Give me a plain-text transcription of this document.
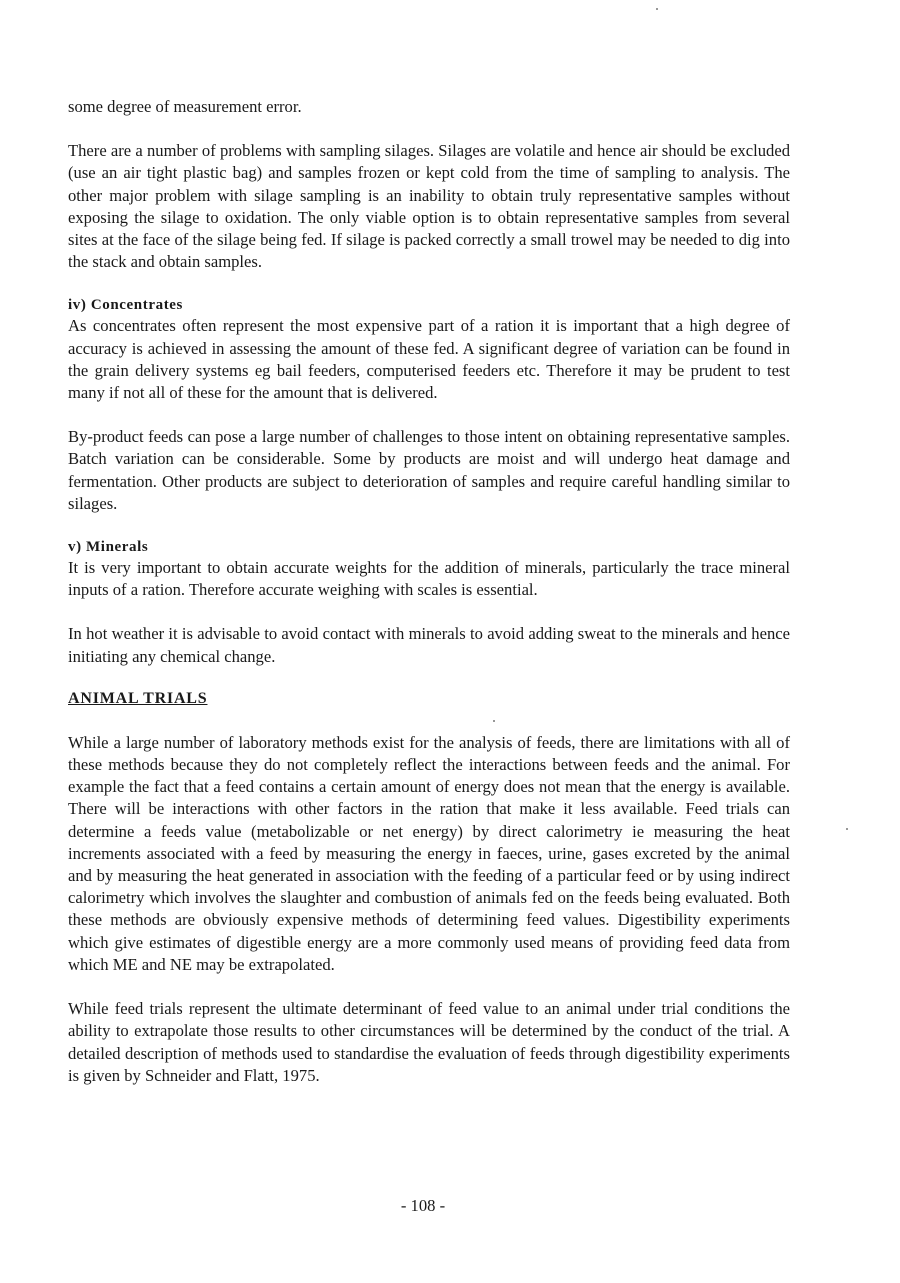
some degree of measurement error.

There are a number of problems with sampling silages. Silages are volatile and hence air should be excluded (use an air tight plastic bag) and samples frozen or kept cold from the time of sampling to analysis. The other major problem with silage sampling is an inability to obtain truly representative samples without exposing the silage to oxidation. The only viable option is to obtain representative samples from several sites at the face of the silage being fed. If silage is packed correctly a small trowel may be needed to dig into the stack and obtain samples.

iv) Concentrates

As concentrates often represent the most expensive part of a ration it is important that a high degree of accuracy is achieved in assessing the amount of these fed. A significant degree of variation can be found in the grain delivery systems eg bail feeders, computerised feeders etc. Therefore it may be prudent to test many if not all of these for the amount that is delivered.

By-product feeds can pose a large number of challenges to those intent on obtaining representative samples. Batch variation can be considerable. Some by products are moist and will undergo heat damage and fermentation. Other products are subject to deterioration of samples and require careful handling similar to silages.

v) Minerals

It is very important to obtain accurate weights for the addition of minerals, particularly the trace mineral inputs of a ration. Therefore accurate weighing with scales is essential.

In hot weather it is advisable to avoid contact with minerals to avoid adding sweat to the minerals and hence initiating any chemical change.

ANIMAL TRIALS

While a large number of laboratory methods exist for the analysis of feeds, there are limitations with all of these methods because they do not completely reflect the interactions between feeds and the animal. For example the fact that a feed contains a certain amount of energy does not mean that the energy is available. There will be interactions with other factors in the ration that make it less available. Feed trials can determine a feeds value (metabolizable or net energy) by direct calorimetry ie measuring the heat increments associated with a feed by measuring the energy in faeces, urine, gases excreted by the animal and by measuring the heat generated in association with the feeding of a particular feed or by using indirect calorimetry which involves the slaughter and combustion of animals fed on the feeds being evaluated. Both these methods are obviously expensive methods of determining feed values. Digestibility experiments which give estimates of digestible energy are a more commonly used means of providing feed data from which ME and NE may be extrapolated.

While feed trials represent the ultimate determinant of feed value to an animal under trial conditions the ability to extrapolate those results to other circumstances will be determined by the conduct of the trial. A detailed description of methods used to standardise the evaluation of feeds through digestibility experiments is given by Schneider and Flatt, 1975.

- 108 -
